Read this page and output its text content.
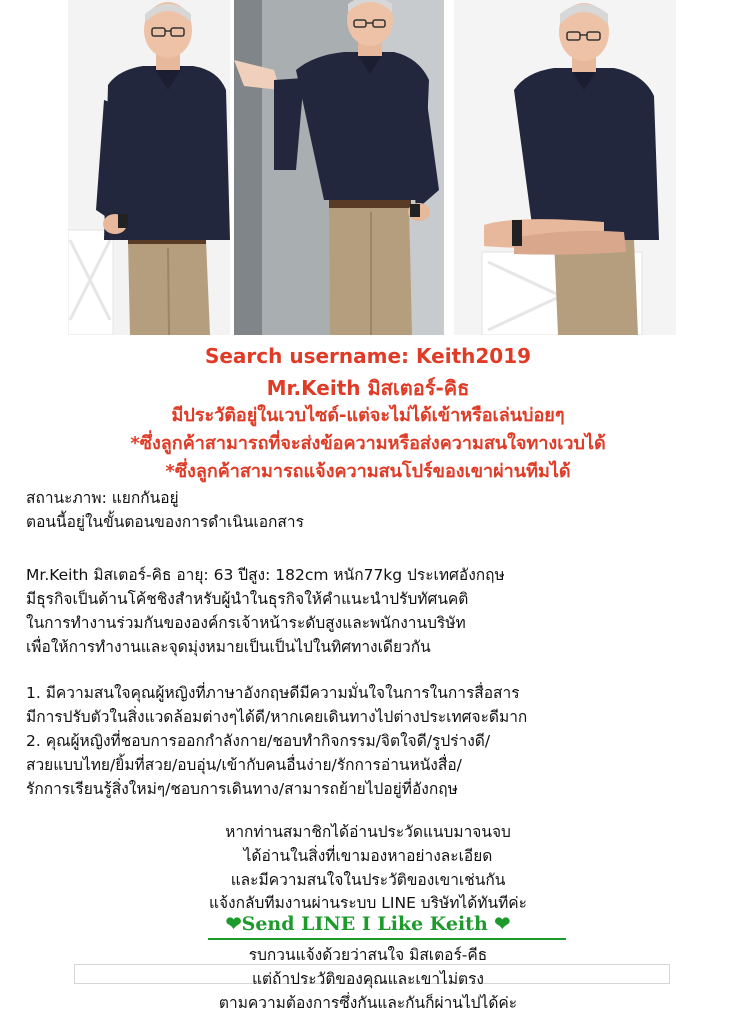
Search username: Keith2019
Mr.Keith มิสเตอร์-คิธ
มีประวัติอยู่ในเวบไซด์-แต่จะไม่ได้เข้าหรือเล่นบ่อยๆ
*ซึ่งลูกค้าสามารถที่จะส่งข้อความหรือส่งความสนใจทางเวบได้
*ซึ่งลูกค้าสามารถแจ้งความสนโปร์ของเขาผ่านทีมได้
สถานะภาพ: แยกกันอยู่
ตอนนี้อยู่ในขั้นตอนของการดำเนินเอกสาร
Mr.Keith มิสเตอร์-คิธ อายุ: 63 ปีสูง: 182cm หนัก77kg ประเทศอังกฤษ
มีธุรกิจเป็นด้านโค้ชชิงสำหรับผู้นำในธุรกิจให้คำแนะนำปรับทัศนคติ
ในการทำงานร่วมกันขององค์กรเจ้าหน้าระดับสูงและพนักงานบริษัท
เพื่อให้การทำงานและจุดมุ่งหมายเป็นเป็นไปในทิศทางเดียวกัน
1. มีความสนใจคุณผู้หญิงที่ภาษาอังกฤษดีมีความมั่นใจในการในการสื่อสาร
มีการปรับตัวในสิ่งแวดล้อมต่างๆได้ดี/หากเคยเดินทางไปต่างประเทศจะดีมาก
2. คุณผู้หญิงที่ชอบการออกกำลังกาย/ชอบทำกิจกรรม/จิตใจดี/รูปร่างดี/
สวยแบบไทย/ยิ้มที่สวย/อบอุ่น/เข้ากับคนอื่นง่าย/รักการอ่านหนังสื่อ/
รักการเรียนรู้สิ่งใหม่ๆ/ชอบการเดินทาง/สามารถย้ายไปอยู่ที่อังกฤษ
หากท่านสมาชิกได้อ่านประวัดแนบมาจนจบ
ได้อ่านในสิ่งที่เขามองหาอย่างละเอียด
และมีความสนใจในประวัติของเขาเช่นกัน
แจ้งกลับทีมงานผ่านระบบ LINE บริษัทได้ทันทีค่ะ
❤Send LINE I Like Keith ❤
รบกวนแจ้งด้วยว่าสนใจ มิสเตอร์-คีธ
แต่ถ้าประวัติของคุณและเขาไม่ตรง
ตามความต้องการซึ่งกันและกันก็ผ่านไปได้ค่ะ
